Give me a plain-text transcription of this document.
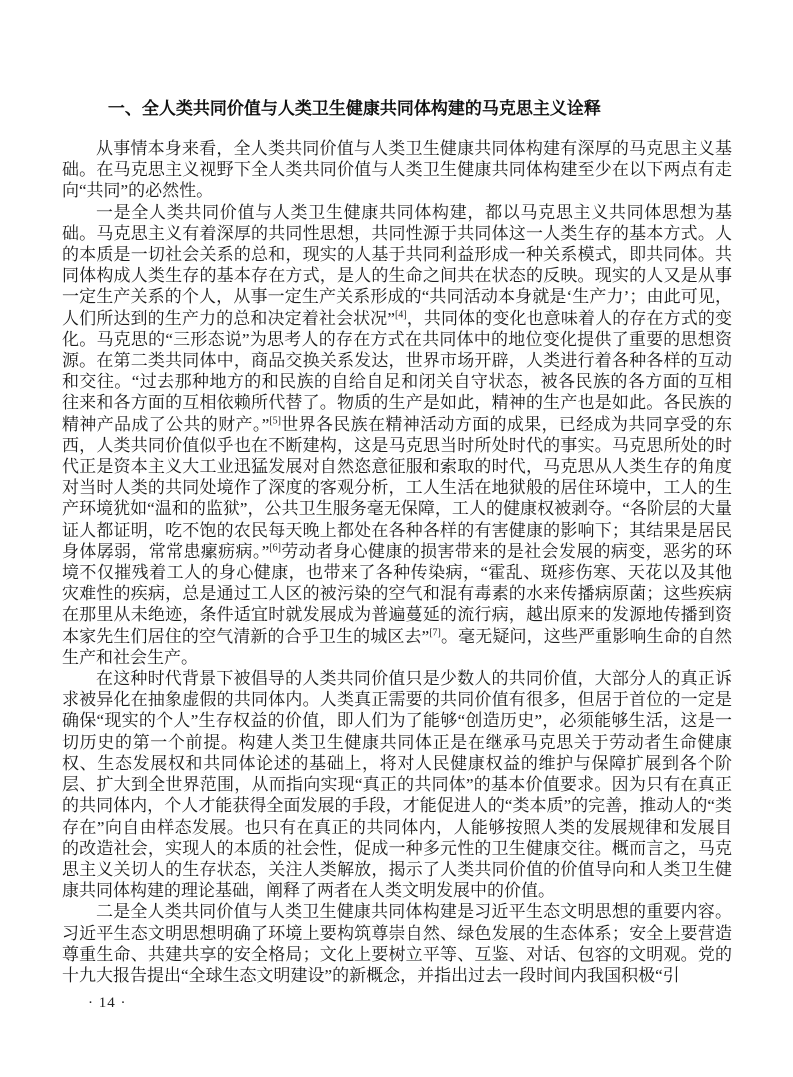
一、全人类共同价值与人类卫生健康共同体构建的马克思主义诠释

从事情本身来看，全人类共同价值与人类卫生健康共同体构建有深厚的马克思主义基础。在马克思主义视野下全人类共同价值与人类卫生健康共同体构建至少在以下两点有走向“共同”的必然性。

一是全人类共同价值与人类卫生健康共同体构建，都以马克思主义共同体思想为基础。马克思主义有着深厚的共同性思想，共同性源于共同体这一人类生存的基本方式。人的本质是一切社会关系的总和，现实的人基于共同利益形成一种关系模式，即共同体。共同体构成人类生存的基本存在方式，是人的生命之间共在状态的反映。现实的人又是从事一定生产关系的个人，从事一定生产关系形成的“共同活动本身就是‘生产力’；由此可见，人们所达到的生产力的总和决定着社会状况”[4]，共同体的变化也意味着人的存在方式的变化。马克思的“三形态说”为思考人的存在方式在共同体中的地位变化提供了重要的思想资源。在第二类共同体中，商品交换关系发达，世界市场开辟，人类进行着各种各样的互动和交往。“过去那种地方的和民族的自给自足和闭关自守状态，被各民族的各方面的互相往来和各方面的互相依赖所代替了。物质的生产是如此，精神的生产也是如此。各民族的精神产品成了公共的财产。”[5]世界各民族在精神活动方面的成果，已经成为共同享受的东西，人类共同价值似乎也在不断建构，这是马克思当时所处时代的事实。马克思所处的时代正是资本主义大工业迅猛发展对自然恣意征服和索取的时代，马克思从人类生存的角度对当时人类的共同处境作了深度的客观分析，工人生活在地狱般的居住环境中，工人的生产环境犹如“温和的监狱”，公共卫生服务毫无保障，工人的健康权被剥夺。“各阶层的大量证人都证明，吃不饱的农民每天晚上都处在各种各样的有害健康的影响下；其结果是居民身体孱弱，常常患瘰疬病。”[6]劳动者身心健康的损害带来的是社会发展的病变，恶劣的环境不仅摧残着工人的身心健康，也带来了各种传染病，“霍乱、斑疹伤寒、天花以及其他灾难性的疾病，总是通过工人区的被污染的空气和混有毒素的水来传播病原菌；这些疾病在那里从未绝迹，条件适宜时就发展成为普遍蔓延的流行病，越出原来的发源地传播到资本家先生们居住的空气清新的合乎卫生的城区去”[7]。毫无疑问，这些严重影响生命的自然生产和社会生产。

在这种时代背景下被倡导的人类共同价值只是少数人的共同价值，大部分人的真正诉求被异化在抽象虚假的共同体内。人类真正需要的共同价值有很多，但居于首位的一定是确保“现实的个人”生存权益的价值，即人们为了能够“创造历史”，必须能够生活，这是一切历史的第一个前提。构建人类卫生健康共同体正是在继承马克思关于劳动者生命健康权、生态发展权和共同体论述的基础上，将对人民健康权益的维护与保障扩展到各个阶层、扩大到全世界范围，从而指向实现“真正的共同体”的基本价值要求。因为只有在真正的共同体内，个人才能获得全面发展的手段，才能促进人的“类本质”的完善，推动人的“类存在”向自由样态发展。也只有在真正的共同体内，人能够按照人类的发展规律和发展目的改造社会，实现人的本质的社会性，促成一种多元性的卫生健康交往。概而言之，马克思主义关切人的生存状态，关注人类解放，揭示了人类共同价值的价值导向和人类卫生健康共同体构建的理论基础，阐释了两者在人类文明发展中的价值。

二是全人类共同价值与人类卫生健康共同体构建是习近平生态文明思想的重要内容。习近平生态文明思想明确了环境上要构筑尊崇自然、绿色发展的生态体系；安全上要营造尊重生命、共建共享的安全格局；文化上要树立平等、互鉴、对话、包容的文明观。党的十九大报告提出“全球生态文明建设”的新概念，并指出过去一段时间内我国积极“引

· 14 ·
